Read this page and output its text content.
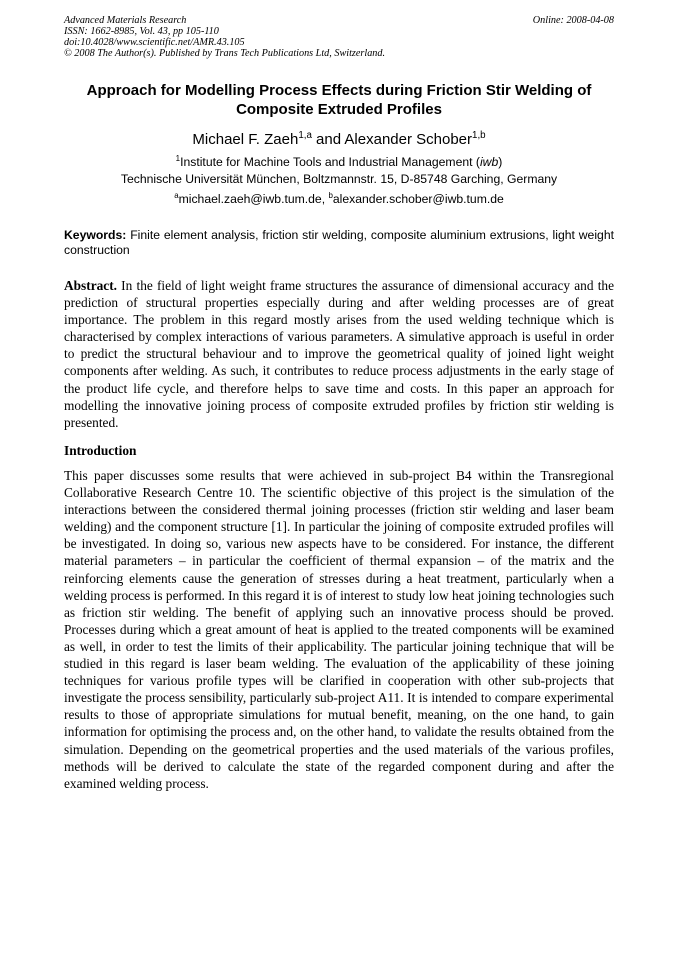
Advanced Materials Research
ISSN: 1662-8985, Vol. 43, pp 105-110
doi:10.4028/www.scientific.net/AMR.43.105
© 2008 The Author(s). Published by Trans Tech Publications Ltd, Switzerland.
Online: 2008-04-08
Approach for Modelling Process Effects during Friction Stir Welding of Composite Extruded Profiles
Michael F. Zaeh$^{1,a}$ and Alexander Schober$^{1,b}$
$^1$Institute for Machine Tools and Industrial Management (iwb)
Technische Universität München, Boltzmannstr. 15, D-85748 Garching, Germany
$^a$michael.zaeh@iwb.tum.de, $^b$alexander.schober@iwb.tum.de
Keywords: Finite element analysis, friction stir welding, composite aluminium extrusions, light weight construction
Abstract. In the field of light weight frame structures the assurance of dimensional accuracy and the prediction of structural properties especially during and after welding processes are of great importance. The problem in this regard mostly arises from the used welding technique which is characterised by complex interactions of various parameters. A simulative approach is useful in order to predict the structural behaviour and to improve the geometrical quality of joined light weight components after welding. As such, it contributes to reduce process adjustments in the early stage of the product life cycle, and therefore helps to save time and costs. In this paper an approach for modelling the innovative joining process of composite extruded profiles by friction stir welding is presented.
Introduction
This paper discusses some results that were achieved in sub-project B4 within the Transregional Collaborative Research Centre 10. The scientific objective of this project is the simulation of the interactions between the considered thermal joining processes (friction stir welding and laser beam welding) and the component structure [1]. In particular the joining of composite extruded profiles will be investigated. In doing so, various new aspects have to be considered. For instance, the different material parameters – in particular the coefficient of thermal expansion – of the matrix and the reinforcing elements cause the generation of stresses during a heat treatment, particularly when a welding process is performed. In this regard it is of interest to study low heat joining technologies such as friction stir welding. The benefit of applying such an innovative process should be proved. Processes during which a great amount of heat is applied to the treated components will be examined as well, in order to test the limits of their applicability. The particular joining technique that will be studied in this regard is laser beam welding. The evaluation of the applicability of these joining techniques for various profile types will be clarified in cooperation with other sub-projects that investigate the process sensibility, particularly sub-project A11. It is intended to compare experimental results to those of appropriate simulations for mutual benefit, meaning, on the one hand, to gain information for optimising the process and, on the other hand, to validate the results obtained from the simulation. Depending on the geometrical properties and the used materials of the various profiles, methods will be derived to calculate the state of the regarded component during and after the examined welding process.
